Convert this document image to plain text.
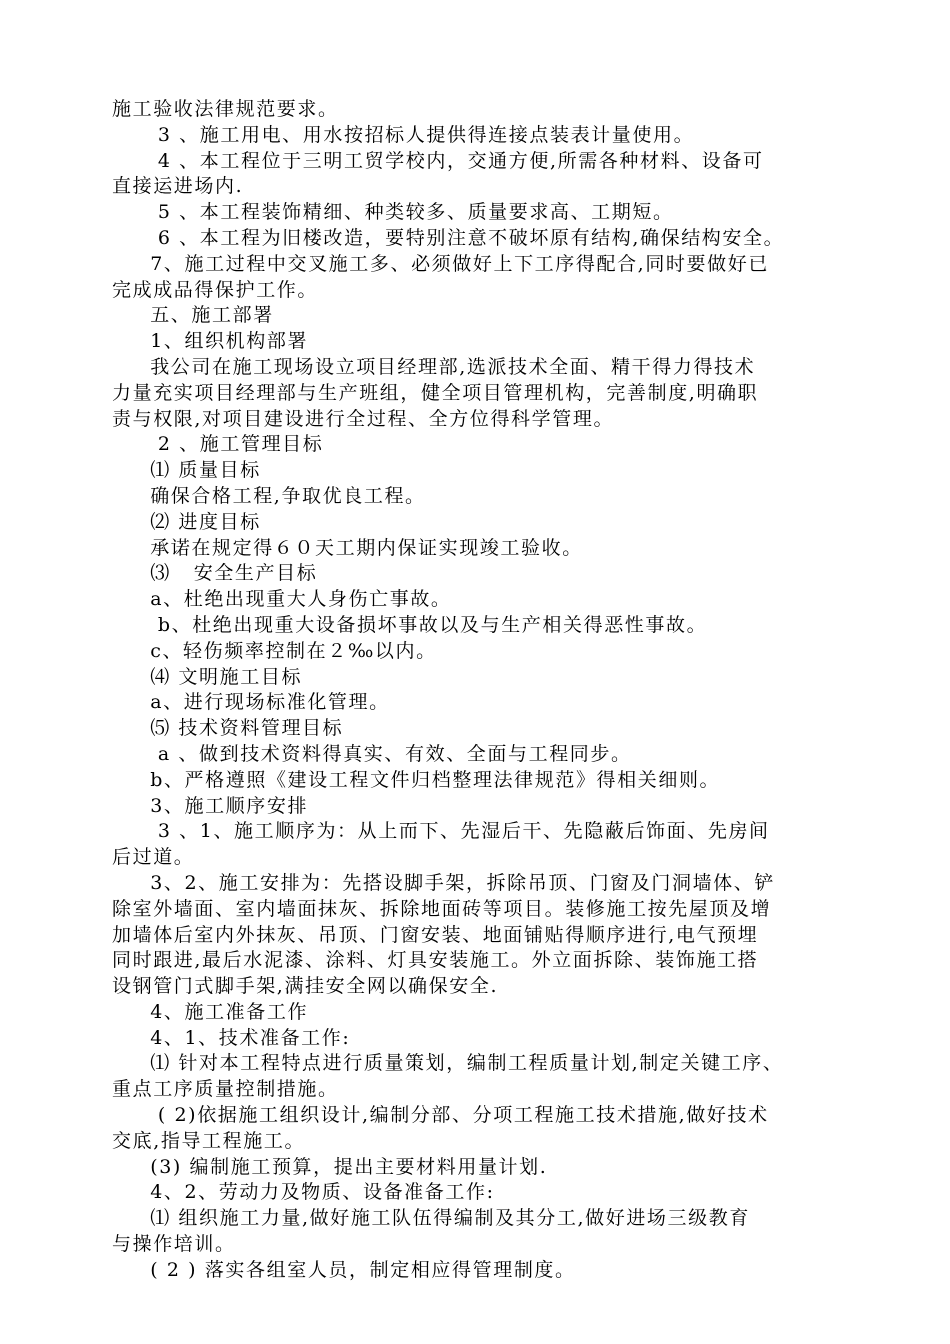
施工验收法律规范要求。
3 、施工用电、用水按招标人提供得连接点装表计量使用。
4 、本工程位于三明工贸学校内，交通方便,所需各种材料、设备可
直接运进场内.
5 、本工程装饰精细、种类较多、质量要求高、工期短。
6 、本工程为旧楼改造，要特别注意不破坏原有结构,确保结构安全。
7、施工过程中交叉施工多、必须做好上下工序得配合,同时要做好已
完成成品得保护工作。
五、施工部署
1、组织机构部署
我公司在施工现场设立项目经理部,选派技术全面、精干得力得技术
力量充实项目经理部与生产班组，健全项目管理机构，完善制度,明确职
责与权限,对项目建设进行全过程、全方位得科学管理。
2 、施工管理目标
⑴ 质量目标
确保合格工程,争取优良工程。
⑵ 进度目标
承诺在规定得６０天工期内保证实现竣工验收。
⑶   安全生产目标
a、杜绝出现重大人身伤亡事故。
b、杜绝出现重大设备损坏事故以及与生产相关得恶性事故。
c、轻伤频率控制在２‰以内。
⑷ 文明施工目标
a、进行现场标准化管理。
⑸ 技术资料管理目标
a 、做到技术资料得真实、有效、全面与工程同步。
b、严格遵照《建设工程文件归档整理法律规范》得相关细则。
3、施工顺序安排
3 、1、施工顺序为：从上而下、先湿后干、先隐蔽后饰面、先房间
后过道。
3、2、施工安排为：先搭设脚手架，拆除吊顶、门窗及门洞墙体、铲
除室外墙面、室内墙面抹灰、拆除地面砖等项目。装修施工按先屋顶及增
加墙体后室内外抹灰、吊顶、门窗安装、地面铺贴得顺序进行,电气预埋
同时跟进,最后水泥漆、涂料、灯具安装施工。外立面拆除、装饰施工搭
设钢管门式脚手架,满挂安全网以确保安全.
4、施工准备工作
4、1、技术准备工作:
⑴ 针对本工程特点进行质量策划，编制工程质量计划,制定关键工序、
重点工序质量控制措施。
( 2)依据施工组织设计,编制分部、分项工程施工技术措施,做好技术
交底,指导工程施工。
(3) 编制施工预算，提出主要材料用量计划.
4、2、劳动力及物质、设备准备工作:
⑴ 组织施工力量,做好施工队伍得编制及其分工,做好进场三级教育
与操作培训。
( 2 ) 落实各组室人员，制定相应得管理制度。
